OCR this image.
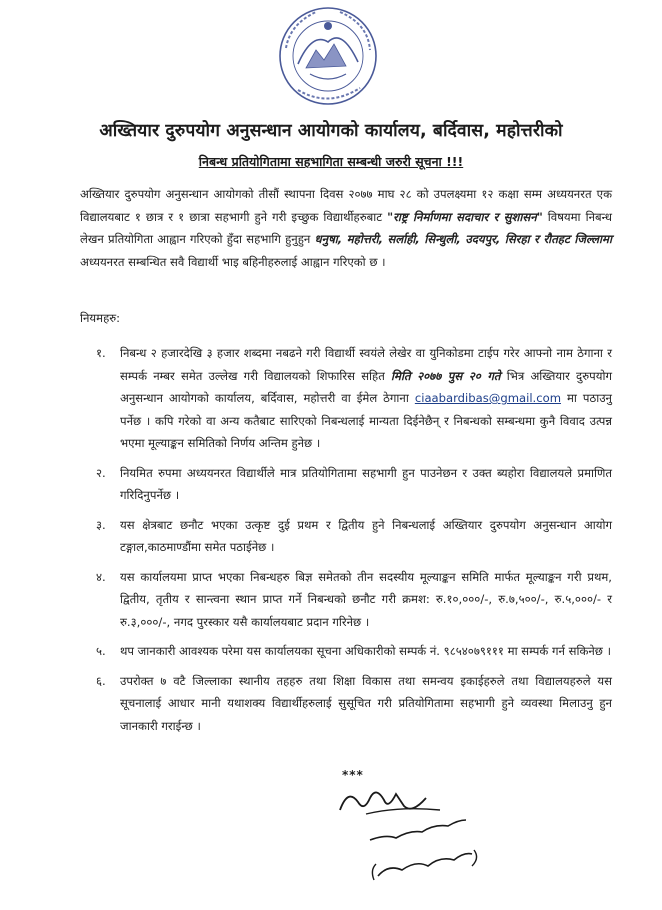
अख्तियार दुरुपयोग अनुसन्धान आयोगको कार्यालय, बर्दिवास, महोत्तरीको
निबन्ध प्रतियोगितामा सहभागिता सम्बन्धी जरुरी सूचना !!!
अख्तियार दुरुपयोग अनुसन्धान आयोगको तीसौं स्थापना दिवस २०७७ माघ २८ को उपलक्ष्यमा १२ कक्षा सम्म अध्ययनरत एक विद्यालयबाट १ छात्र र १ छात्रा सहभागी हुने गरी इच्छुक विद्यार्थीहरुबाट "राष्ट्र निर्माणमा सदाचार र सुशासन" विषयमा निबन्ध लेखन प्रतियोगिता आह्वान गरिएको हुँदा सहभागि हुनुहुन धनुषा, महोत्तरी, सर्लाही, सिन्धुली, उदयपुर, सिरहा र रौतहट जिल्लामा अध्ययनरत सम्बन्धित सवै विद्यार्थी भाइ बहिनीहरुलाई आह्वान गरिएको छ ।
नियमहरु:
१.	निबन्ध २ हजारदेखि ३ हजार शब्दमा नबढने गरी विद्यार्थी स्वयंले लेखेर वा युनिकोडमा टाईप गरेर आफ्नो नाम ठेगाना र सम्पर्क नम्बर समेत उल्लेख गरी विद्यालयको शिफारिस सहित मिति २०७७ पुस २० गते भित्र अख्तियार दुरुपयोग अनुसन्धान आयोगको कार्यालय, बर्दिवास, महोत्तरी वा ईमेल ठेगाना ciaabardibas@gmail.com मा पठाउनु पर्नेछ । कपि गरेको वा अन्य कतैबाट सारिएको निबन्धलाई मान्यता दिईनेछैन् र निबन्धको सम्बन्धमा कुनै विवाद उत्पन्न भएमा मूल्याङ्कन समितिको निर्णय अन्तिम हुनेछ ।
२.	नियमित रुपमा अध्ययनरत विद्यार्थीले मात्र प्रतियोगितामा सहभागी हुन पाउनेछन र उक्त ब्यहोरा विद्यालयले प्रमाणित गरिदिनुपर्नेछ ।
३.	यस क्षेत्रबाट छनौट भएका उत्कृष्ट दुई प्रथम र द्वितीय हुने निबन्धलाई अख्तियार दुरुपयोग अनुसन्धान आयोग टङ्गाल,काठमाण्डौंमा समेत पठाईनेछ ।
४.	यस कार्यालयमा प्राप्त भएका निबन्धहरु बिज्ञ समेतको तीन सदस्यीय मूल्याङ्कन समिति मार्फत मूल्याङ्कन गरी प्रथम, द्वितीय, तृतीय र सान्त्वना स्थान प्राप्त गर्ने निबन्धको छनौट गरी क्रमश: रु.१०,०००/-, रु.७,५००/-, रु.५,०००/- र रु.३,०००/-, नगद पुरस्कार यसै कार्यालयबाट प्रदान गरिनेछ ।
५.	थप जानकारी आवश्यक परेमा यस कार्यालयका सूचना अधिकारीको सम्पर्क नं. ९८५४०७९१११ मा सम्पर्क गर्न सकिनेछ ।
६.	उपरोक्त ७ वटै जिल्लाका स्थानीय तहहरु तथा शिक्षा विकास तथा समन्वय इकाईहरुले तथा विद्यालयहरुले यस सूचनालाई आधार मानी यथाशक्य विद्यार्थीहरुलाई सुसूचित गरी प्रतियोगितामा सहभागी हुने व्यवस्था मिलाउनु हुन जानकारी गराईन्छ ।
***
